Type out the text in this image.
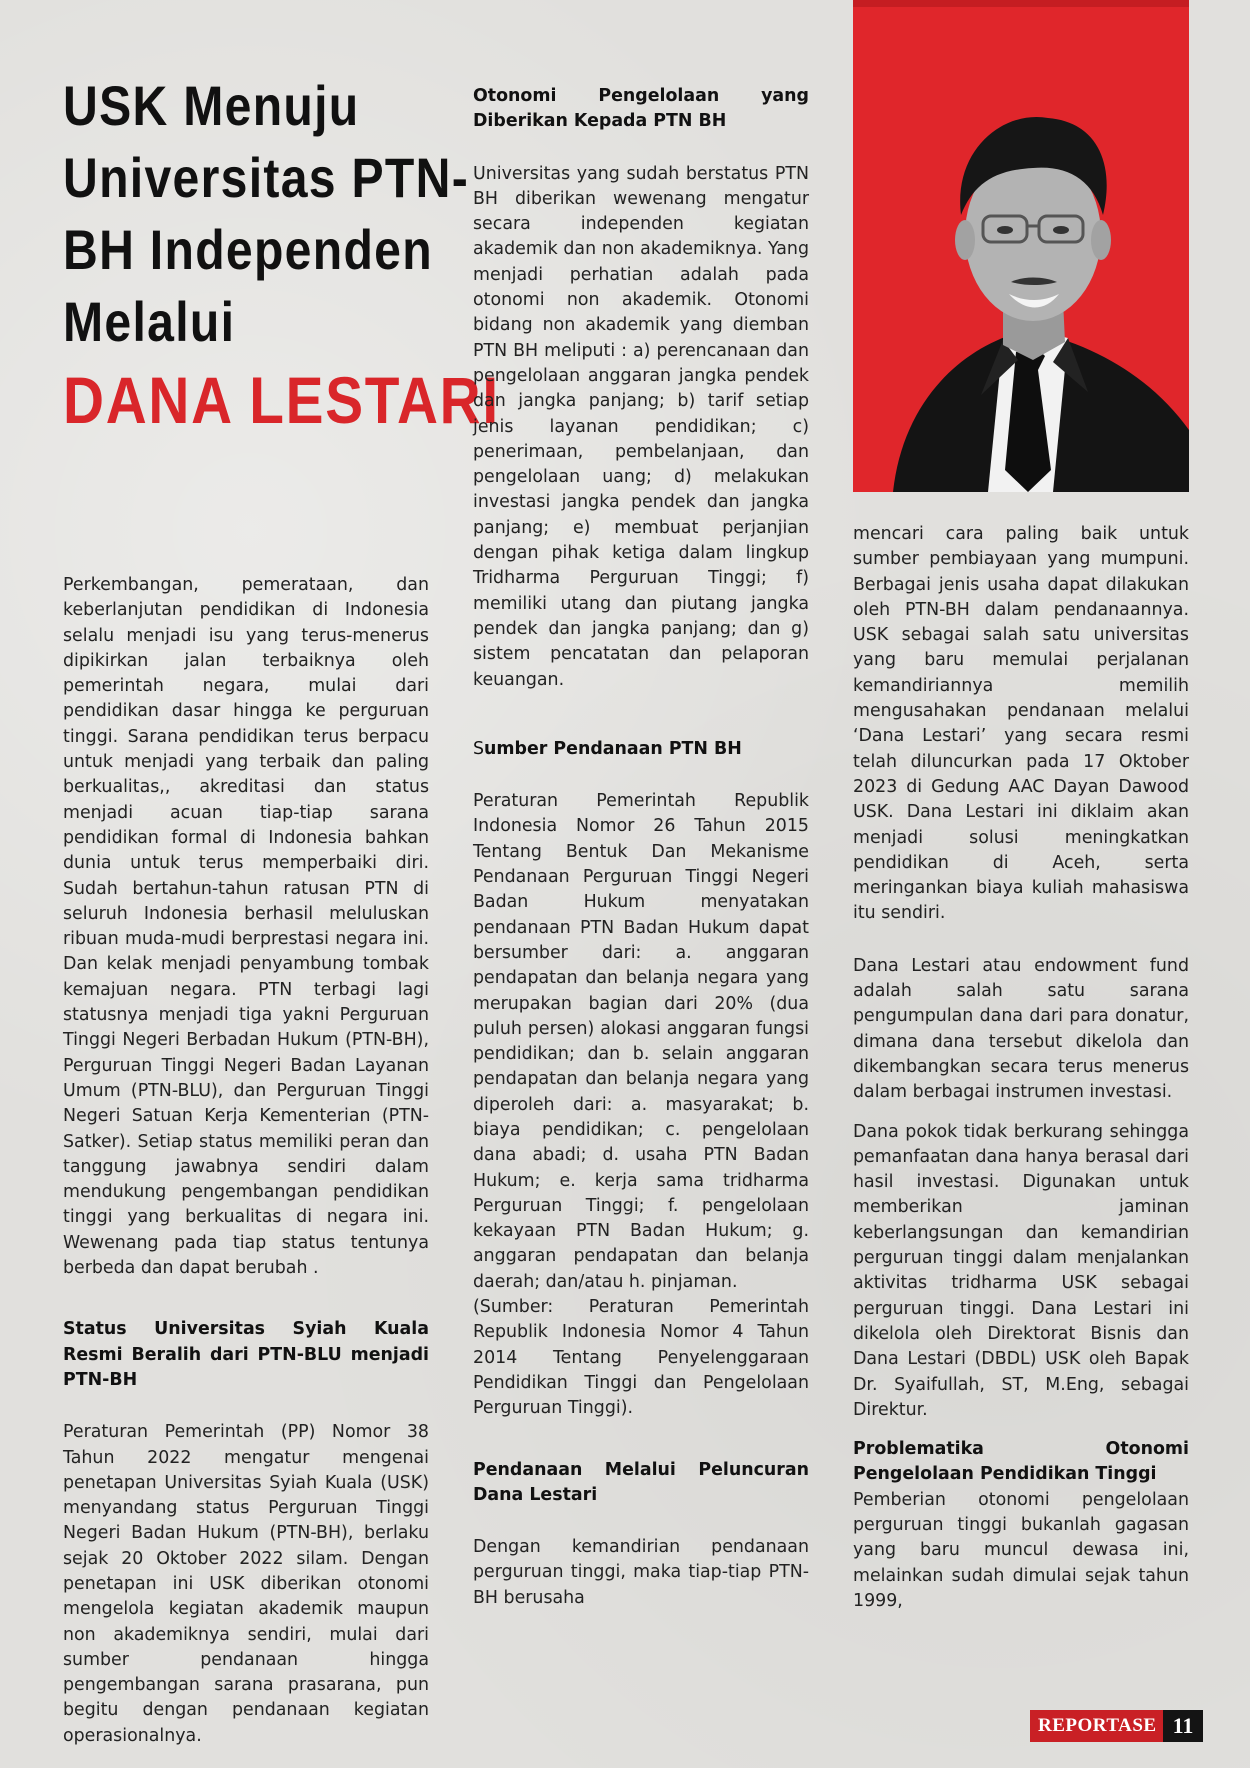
USK Menuju
Universitas PTN-
BH Independen
Melalui
DANA LESTARI

Perkembangan, pemerataan, dan keberlanjutan pendidikan di Indonesia selalu menjadi isu yang terus-menerus dipikirkan jalan terbaiknya oleh pemerintah negara, mulai dari pendidikan dasar hingga ke perguruan tinggi. Sarana pendidikan terus berpacu untuk menjadi yang terbaik dan paling berkualitas,, akreditasi dan status menjadi acuan tiap-tiap sarana pendidikan formal di Indonesia bahkan dunia untuk terus memperbaiki diri. Sudah bertahun-tahun ratusan PTN di seluruh Indonesia berhasil meluluskan ribuan muda-mudi berprestasi negara ini. Dan kelak menjadi penyambung tombak kemajuan negara. PTN terbagi lagi statusnya menjadi tiga yakni Perguruan Tinggi Negeri Berbadan Hukum (PTN-BH), Perguruan Tinggi Negeri Badan Layanan Umum (PTN-BLU), dan Perguruan Tinggi Negeri Satuan Kerja Kementerian (PTN-Satker). Setiap status memiliki peran dan tanggung jawabnya sendiri dalam mendukung pengembangan pendidikan tinggi yang berkualitas di negara ini. Wewenang pada tiap status tentunya berbeda dan dapat berubah .

Status Universitas Syiah Kuala Resmi Beralih dari PTN-BLU menjadi PTN-BH

Peraturan Pemerintah (PP) Nomor 38 Tahun 2022 mengatur mengenai penetapan Universitas Syiah Kuala (USK) menyandang status Perguruan Tinggi Negeri Badan Hukum (PTN-BH), berlaku sejak 20 Oktober 2022 silam. Dengan penetapan ini USK diberikan otonomi mengelola kegiatan akademik maupun non akademiknya sendiri, mulai dari sumber pendanaan hingga pengembangan sarana prasarana, pun begitu dengan pendanaan kegiatan operasionalnya.

Otonomi Pengelolaan yang Diberikan Kepada PTN BH

Universitas yang sudah berstatus PTN BH diberikan wewenang mengatur secara independen kegiatan akademik dan non akademiknya. Yang menjadi perhatian adalah pada otonomi non akademik. Otonomi bidang non akademik yang diemban PTN BH meliputi : a) perencanaan dan pengelolaan anggaran jangka pendek dan jangka panjang; b) tarif setiap jenis layanan pendidikan; c) penerimaan, pembelanjaan, dan pengelolaan uang; d) melakukan investasi jangka pendek dan jangka panjang; e) membuat perjanjian dengan pihak ketiga dalam lingkup Tridharma Perguruan Tinggi; f) memiliki utang dan piutang jangka pendek dan jangka panjang; dan g) sistem pencatatan dan pelaporan keuangan.

Sumber Pendanaan PTN BH

Peraturan Pemerintah Republik Indonesia Nomor 26 Tahun 2015 Tentang Bentuk Dan Mekanisme Pendanaan Perguruan Tinggi Negeri Badan Hukum menyatakan pendanaan PTN Badan Hukum dapat bersumber dari: a. anggaran pendapatan dan belanja negara yang merupakan bagian dari 20% (dua puluh persen) alokasi anggaran fungsi pendidikan; dan b. selain anggaran pendapatan dan belanja negara yang diperoleh dari: a. masyarakat; b. biaya pendidikan; c. pengelolaan dana abadi; d. usaha PTN Badan Hukum; e. kerja sama tridharma Perguruan Tinggi; f. pengelolaan kekayaan PTN Badan Hukum; g. anggaran pendapatan dan belanja daerah; dan/atau h. pinjaman.

(Sumber: Peraturan Pemerintah Republik Indonesia Nomor 4 Tahun 2014 Tentang Penyelenggaraan Pendidikan Tinggi dan Pengelolaan Perguruan Tinggi).

Pendanaan Melalui Peluncuran Dana Lestari

Dengan kemandirian pendanaan perguruan tinggi, maka tiap-tiap PTN-BH berusaha

mencari cara paling baik untuk sumber pembiayaan yang mumpuni. Berbagai jenis usaha dapat dilakukan oleh PTN-BH dalam pendanaannya. USK sebagai salah satu universitas yang baru memulai perjalanan kemandiriannya memilih mengusahakan pendanaan melalui ‘Dana Lestari’ yang secara resmi telah diluncurkan pada 17 Oktober 2023 di Gedung AAC Dayan Dawood USK. Dana Lestari ini diklaim akan menjadi solusi meningkatkan pendidikan di Aceh, serta meringankan biaya kuliah mahasiswa itu sendiri.

Dana Lestari atau endowment fund adalah salah satu sarana pengumpulan dana dari para donatur, dimana dana tersebut dikelola dan dikembangkan secara terus menerus dalam berbagai instrumen investasi.

Dana pokok tidak berkurang sehingga pemanfaatan dana hanya berasal dari hasil investasi. Digunakan untuk memberikan jaminan keberlangsungan dan kemandirian perguruan tinggi dalam menjalankan aktivitas tridharma USK sebagai perguruan tinggi. Dana Lestari ini dikelola oleh Direktorat Bisnis dan Dana Lestari (DBDL) USK oleh Bapak Dr. Syaifullah, ST, M.Eng, sebagai Direktur.

Problematika Otonomi Pengelolaan Pendidikan Tinggi

Pemberian otonomi pengelolaan perguruan tinggi bukanlah gagasan yang baru muncul dewasa ini, melainkan sudah dimulai sejak tahun 1999,

REPORTASE 11
